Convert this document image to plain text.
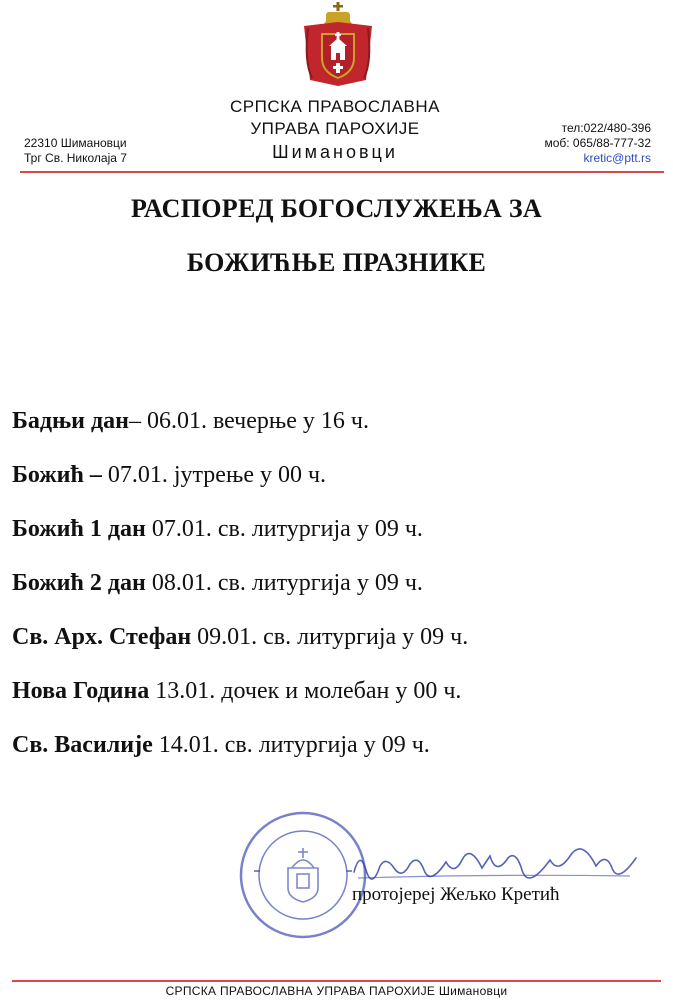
СРПСКА ПРАВОСЛАВНА
УПРАВА ПАРОХИЈЕ
Шимановци
22310 Шимановци
Трг Св. Николаја 7
тел:022/480-396
моб: 065/88-777-32
kretic@ptt.rs
РАСПОРЕД БОГОСЛУЖЕЊА ЗА
БОЖИЋЊЕ ПРАЗНИКЕ
Бадњи дан– 06.01. вечерње у 16 ч.
Божић – 07.01. јутрење у 00 ч.
Божић 1 дан 07.01. св. литургија у 09 ч.
Божић 2 дан 08.01. св. литургија у 09 ч.
Св. Арх. Стефан 09.01. св. литургија у 09 ч.
Нова Година 13.01. дочек и молебан у 00 ч.
Св. Василије 14.01. св. литургија у 09 ч.
протојереј Жељко Кретић
СРПСКА ПРАВОСЛАВНА УПРАВА ПАРОХИЈЕ Шимановци
